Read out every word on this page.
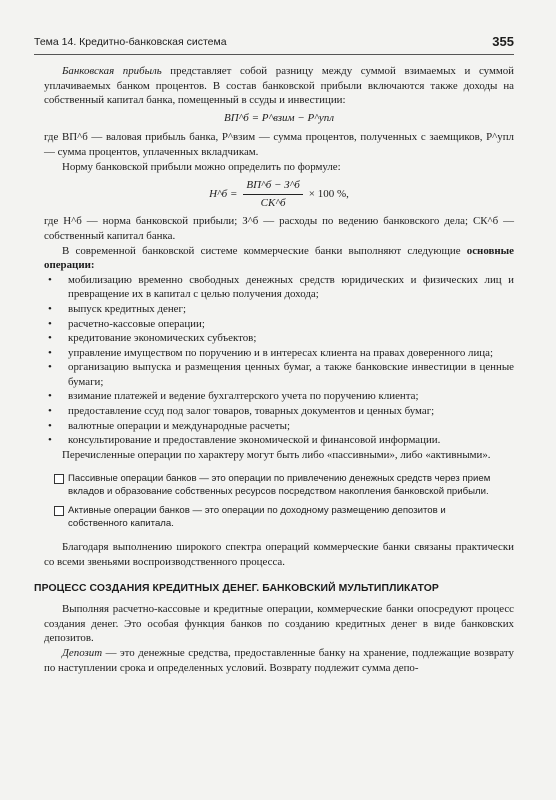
Тема 14. Кредитно-банковская система	355

Банковская прибыль представляет собой разницу между суммой взимаемых и суммой уплачиваемых банком процентов. В состав банковской прибыли включаются также доходы на собственный капитал банка, помещенный в ссуды и инвестиции:

ВП^б = P^взим − P^упл

где ВП^б — валовая прибыль банка, P^взим — сумма процентов, полученных с заемщиков, P^упл — сумма процентов, уплаченных вкладчикам.

Норму банковской прибыли можно определить по формуле:

Н^б = $\frac{ВП\^{}б - З\^{}б}{СК\^{}б} \times 100$ %,

где Н^б — норма банковской прибыли; З^б — расходы по ведению банковского дела; СК^б — собственный капитал банка.

В современной банковской системе коммерческие банки выполняют следующие основные операции:

• мобилизацию временно свободных денежных средств юридических и физических лиц и превращение их в капитал с целью получения дохода;
• выпуск кредитных денег;
• расчетно-кассовые операции;
• кредитование экономических субъектов;
• управление имуществом по поручению и в интересах клиента на правах доверенного лица;
• организацию выпуска и размещения ценных бумаг, а также банковские инвестиции в ценные бумаги;
• взимание платежей и ведение бухгалтерского учета по поручению клиента;
• предоставление ссуд под залог товаров, товарных документов и ценных бумаг;
• валютные операции и международные расчеты;
• консультирование и предоставление экономической и финансовой информации.

Перечисленные операции по характеру могут быть либо «пассивными», либо «активными».

Пассивные операции банков — это операции по привлечению денежных средств через прием вкладов и образование собственных ресурсов посредством накопления банковской прибыли.
Активные операции банков — это операции по доходному размещению депозитов и собственного капитала.

Благодаря выполнению широкого спектра операций коммерческие банки связаны практически со всеми звеньями воспроизводственного процесса.

ПРОЦЕСС СОЗДАНИЯ КРЕДИТНЫХ ДЕНЕГ. БАНКОВСКИЙ МУЛЬТИПЛИКАТОР

Выполняя расчетно-кассовые и кредитные операции, коммерческие банки опосредуют процесс создания денег. Это особая функция банков по созданию кредитных денег в виде банковских депозитов.

Депозит — это денежные средства, предоставленные банку на хранение, подлежащие возврату по наступлении срока и определенных условий. Возврату подлежит сумма депо-
